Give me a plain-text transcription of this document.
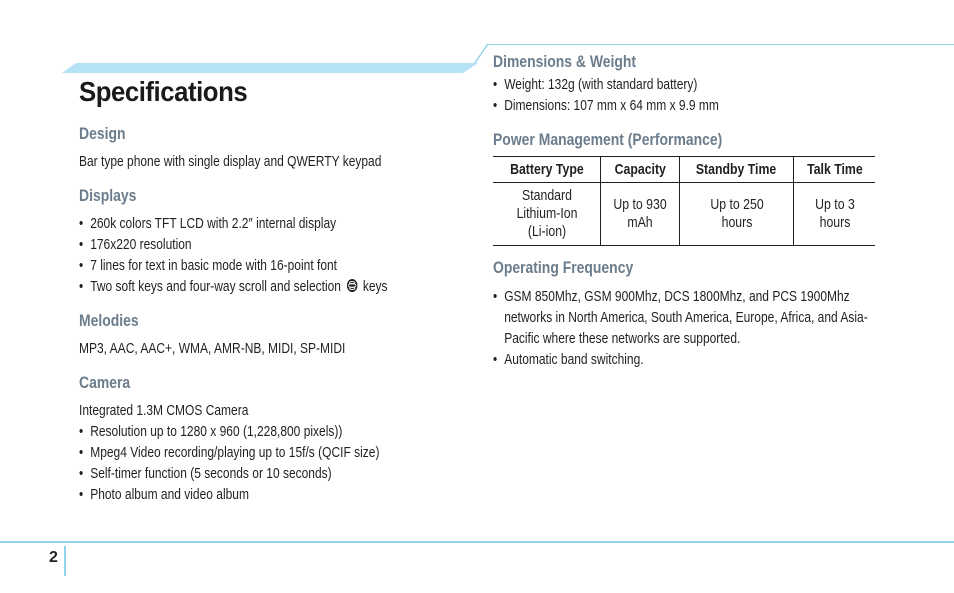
Specifications
Design

Bar type phone with single display and QWERTY keypad

Displays
• 260k colors TFT LCD with 2.2″ internal display
• 176x220 resolution
• 7 lines for text in basic mode with 16-point font
• Two soft keys and four-way scroll and selection keys
Melodies

MP3, AAC, AAC+, WMA, AMR-NB, MIDI, SP-MIDI

Camera

Integrated 1.3M CMOS Camera

• Resolution up to 1280 x 960 (1,228,800 pixels))
• Mpeg4 Video recording/playing up to 15f/s (QCIF size)
• Self-timer function (5 seconds or 10 seconds)
• Photo album and video album
Dimensions & Weight
• Weight: 132g (with standard battery)
• Dimensions: 107 mm x 64 mm x 9.9 mm
Power Management (Performance)
Battery Type	Capacity	Standby Time	Talk Time
Standard Lithium-Ion (Li-ion)	Up to 930 mAh	Up to 250 hours	Up to 3 hours
Operating Frequency
• GSM 850Mhz, GSM 900Mhz, DCS 1800Mhz, and PCS 1900Mhz networks in North America, South America, Europe, Africa, and Asia-Pacific where these networks are supported.
• Automatic band switching.
2
